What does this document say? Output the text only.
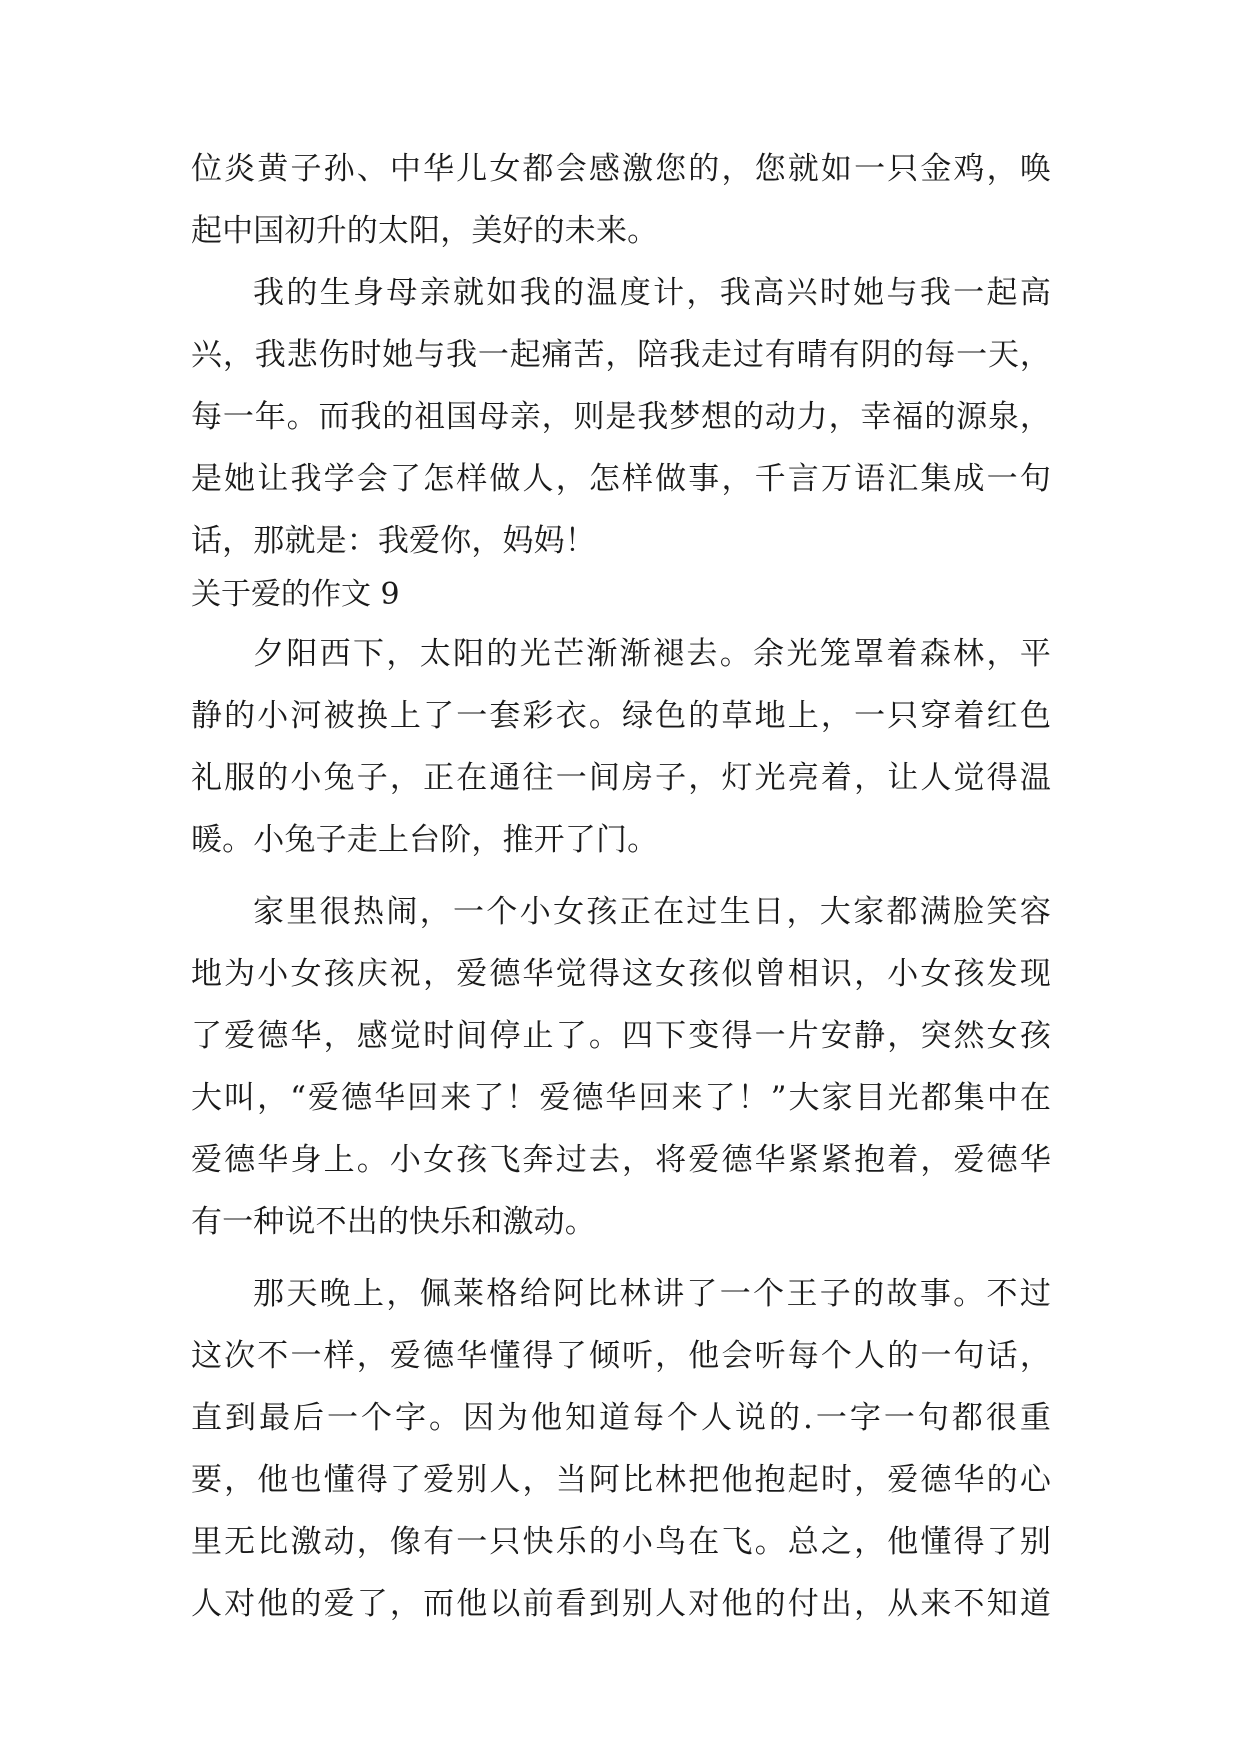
位炎黄子孙、中华儿女都会感激您的，您就如一只金鸡，唤
起中国初升的太阳，美好的未来。
我的生身母亲就如我的温度计，我高兴时她与我一起高
兴，我悲伤时她与我一起痛苦，陪我走过有晴有阴的每一天，
每一年。而我的祖国母亲，则是我梦想的动力，幸福的源泉，
是她让我学会了怎样做人，怎样做事，千言万语汇集成一句
话，那就是：我爱你，妈妈！
关于爱的作文 9
夕阳西下，太阳的光芒渐渐褪去。余光笼罩着森林，平
静的小河被换上了一套彩衣。绿色的草地上，一只穿着红色
礼服的小兔子，正在通往一间房子，灯光亮着，让人觉得温
暖。小兔子走上台阶，推开了门。
家里很热闹，一个小女孩正在过生日，大家都满脸笑容
地为小女孩庆祝，爱德华觉得这女孩似曾相识，小女孩发现
了爱德华，感觉时间停止了。四下变得一片安静，突然女孩
大叫，“爱德华回来了！爱德华回来了！”大家目光都集中在
爱德华身上。小女孩飞奔过去，将爱德华紧紧抱着，爱德华
有一种说不出的快乐和激动。
那天晚上，佩莱格给阿比林讲了一个王子的故事。不过
这次不一样，爱德华懂得了倾听，他会听每个人的一句话，
直到最后一个字。因为他知道每个人说的.一字一句都很重
要，他也懂得了爱别人，当阿比林把他抱起时，爱德华的心
里无比激动，像有一只快乐的小鸟在飞。总之，他懂得了别
人对他的爱了，而他以前看到别人对他的付出，从来不知道
